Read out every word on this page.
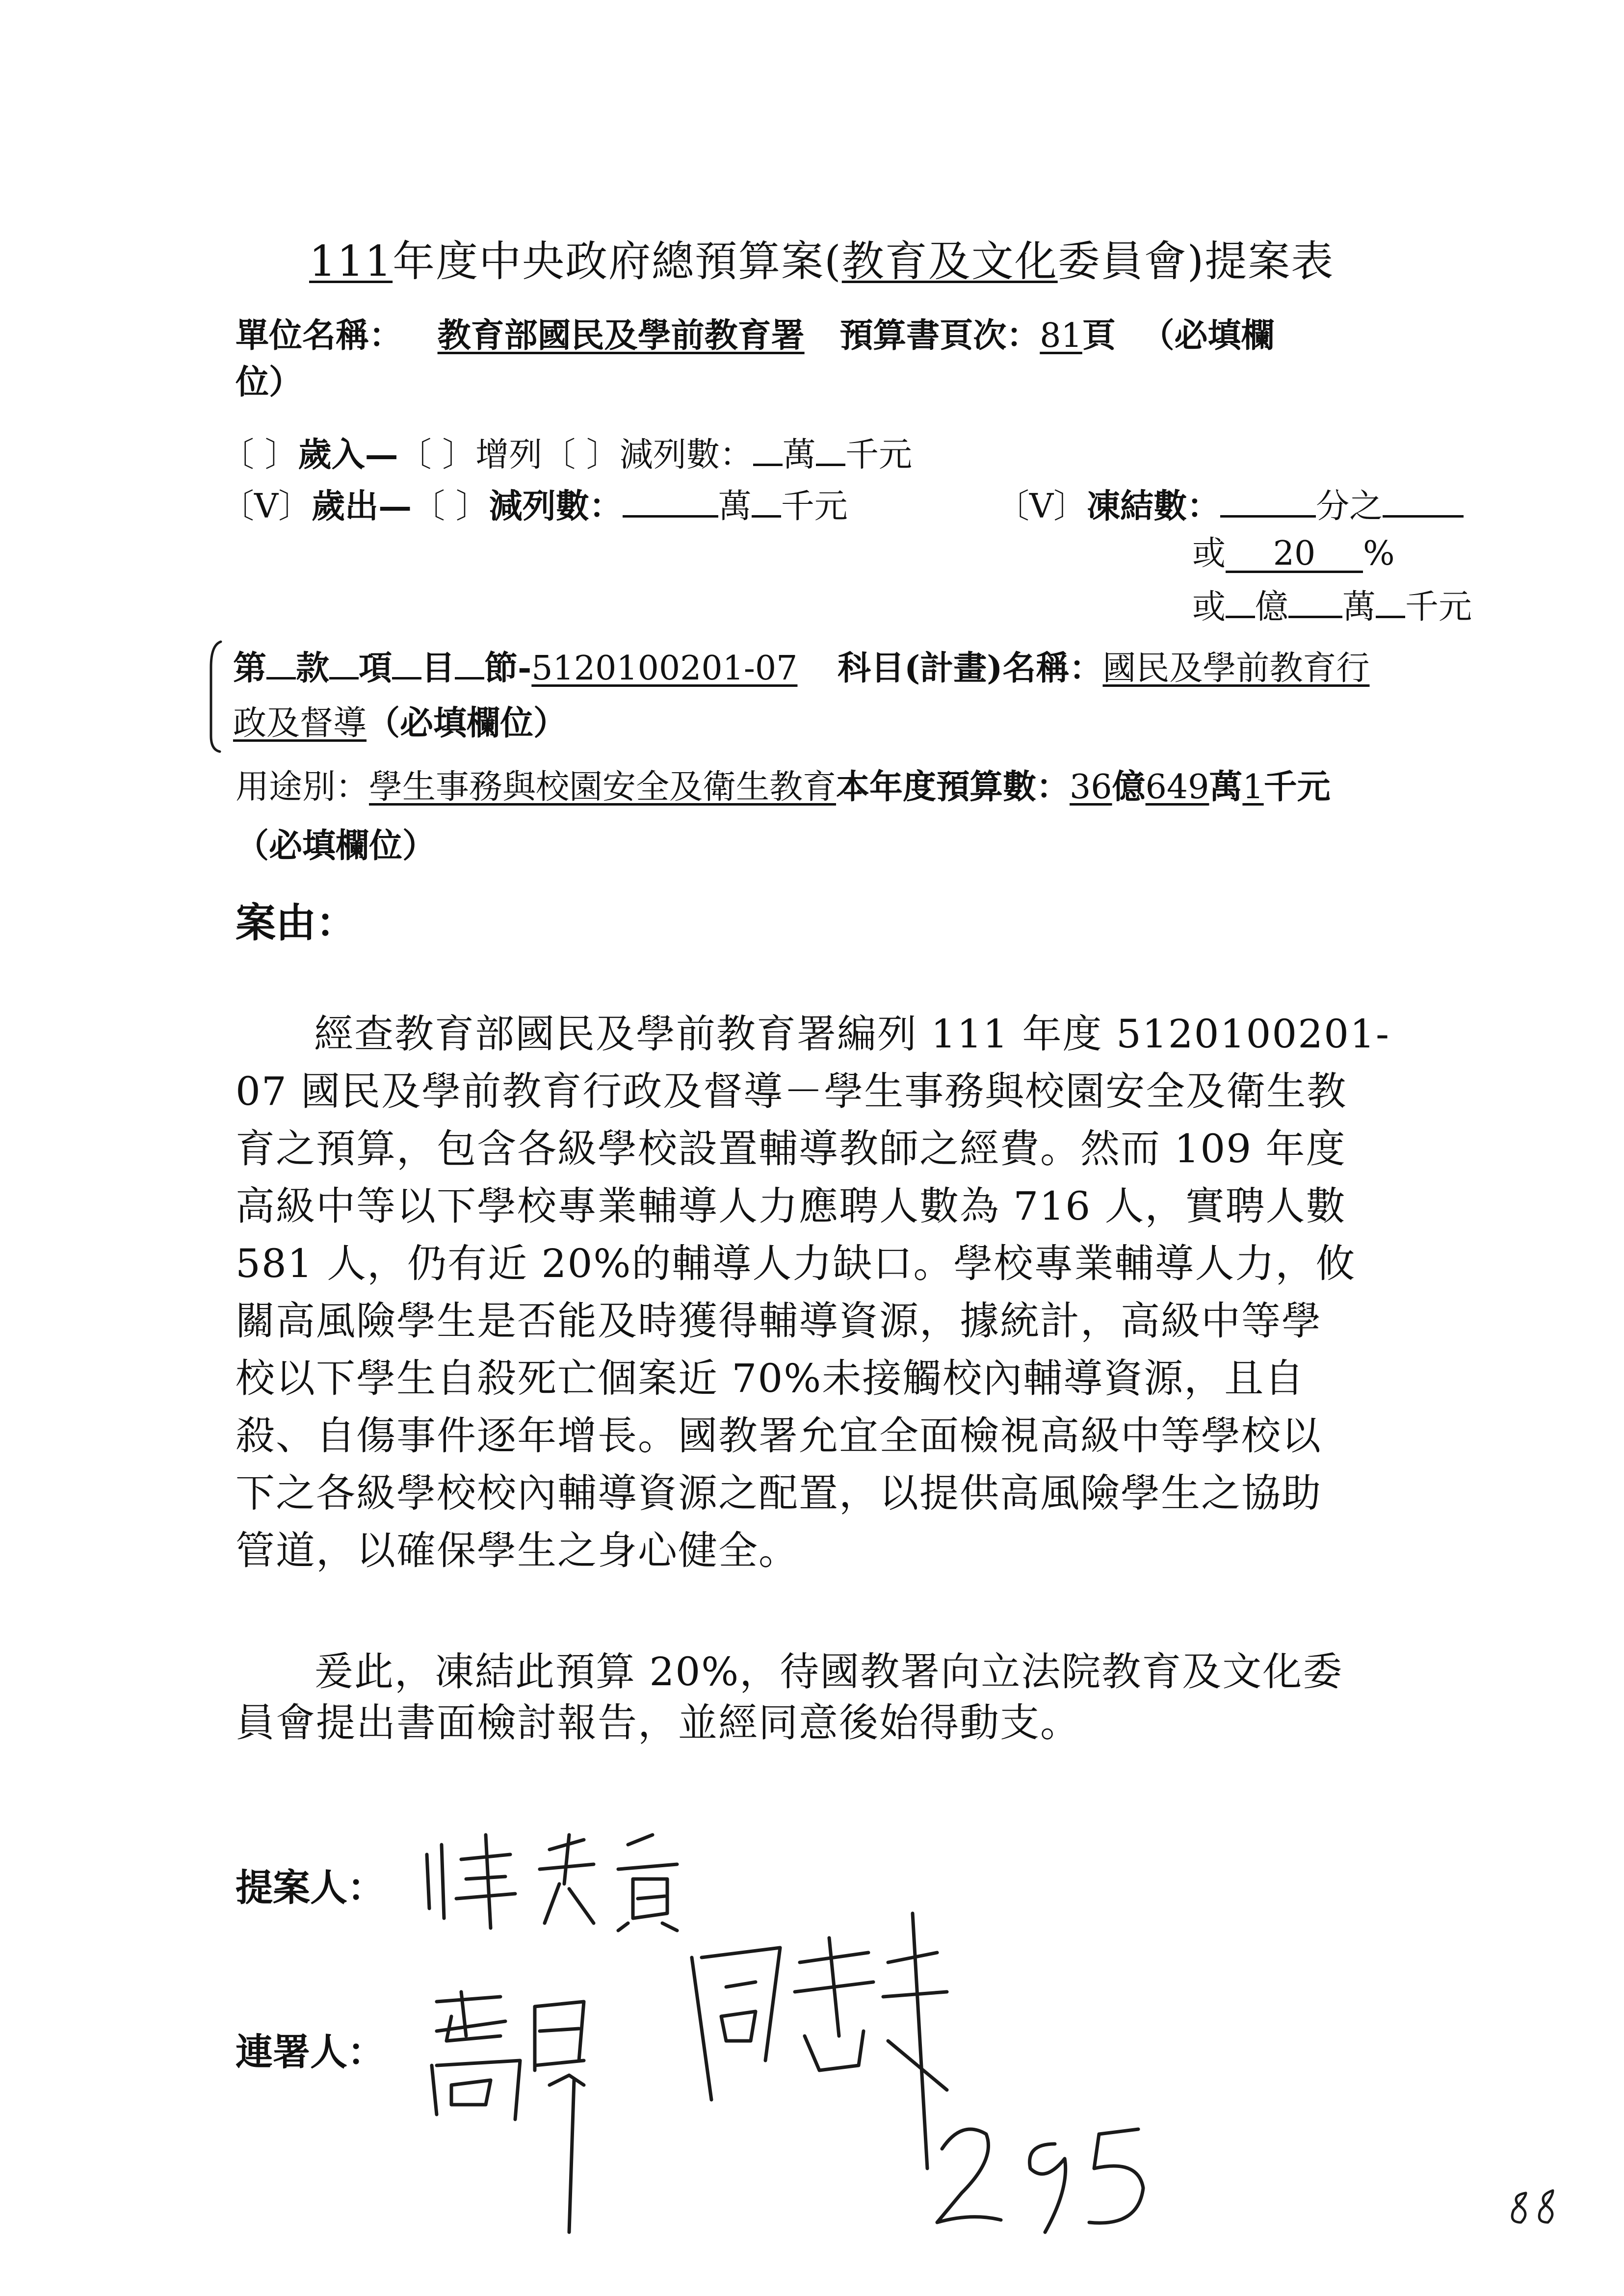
111年度中央政府總預算案(教育及文化委員會)提案表
單位名稱： 教育部國民及學前教育署 預算書頁次：81頁 （必填欄
位）
〔 〕歲入—〔 〕增列〔 〕減列數： 萬 千元
〔V〕歲出—〔 〕減列數：	萬 千元	〔V〕凍結數：	分之
或 20 %
或 億 萬 千元
第 款 項 目 節-5120100201-07 科目(計畫)名稱：國民及學前教育行
政及督導（必填欄位）
用途別：學生事務與校園安全及衛生教育本年度預算數：36億649萬1千元
（必填欄位）
案由：
經查教育部國民及學前教育署編列 111 年度 5120100201-
07 國民及學前教育行政及督導－學生事務與校園安全及衛生教
育之預算，包含各級學校設置輔導教師之經費。然而 109 年度
高級中等以下學校專業輔導人力應聘人數為 716 人，實聘人數
581 人，仍有近 20%的輔導人力缺口。學校專業輔導人力，攸
關高風險學生是否能及時獲得輔導資源，據統計，高級中等學
校以下學生自殺死亡個案近 70%未接觸校內輔導資源，且自
殺、自傷事件逐年增長。國教署允宜全面檢視高級中等學校以
下之各級學校校內輔導資源之配置，以提供高風險學生之協助
管道，以確保學生之身心健全。
爰此，凍結此預算 20%，待國教署向立法院教育及文化委
員會提出書面檢討報告，並經同意後始得動支。
提案人：
連署人：
